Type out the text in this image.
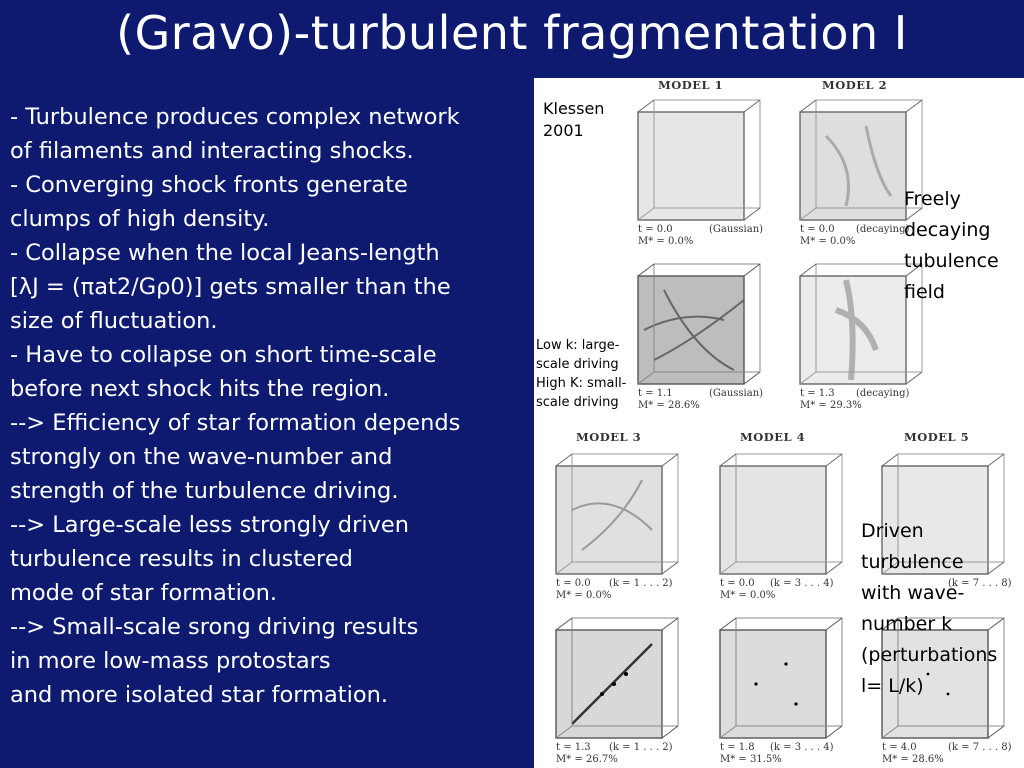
(Gravo)-turbulent fragmentation I
- Turbulence produces complex network
of filaments and interacting shocks.
- Converging shock fronts generate
clumps of high density.
- Collapse when the local Jeans-length
[λJ = (πat2/Gρ0)] gets smaller than the
size of fluctuation.
- Have to collapse on short time-scale
before next shock hits the region.
--> Efficiency of star formation depends
strongly on the wave-number and
strength of the turbulence driving.
--> Large-scale less strongly driven
turbulence results in clustered
mode of star formation.
--> Small-scale srong driving results
in more low-mass protostars
and more isolated star formation.
Klessen
2001
MODEL 1	MODEL 2
MODEL 3	MODEL 4	MODEL 5
t = 0.0
M* = 0.0%
(Gaussian)	t = 0.0
M* = 0.0%
(decaying)
t = 1.1
M* = 28.6%
(Gaussian)	t = 1.3
M* = 29.3%
(decaying)
t = 0.0
M* = 0.0%
(k = 1 . . . 2)	t = 0.0
M* = 0.0%
(k = 3 . . . 4)	(k = 7 . . . 8)
t = 1.3
M* = 26.7%
(k = 1 . . . 2)	t = 1.8
M* = 31.5%
(k = 3 . . . 4)	t = 4.0
M* = 28.6%
(k = 7 . . . 8)
Freely
decaying
tubulence
field
Low k: large-
scale driving
High K: small-
scale driving
Driven
turbulence
with wave-
number k
(perturbations
l= L/k)
